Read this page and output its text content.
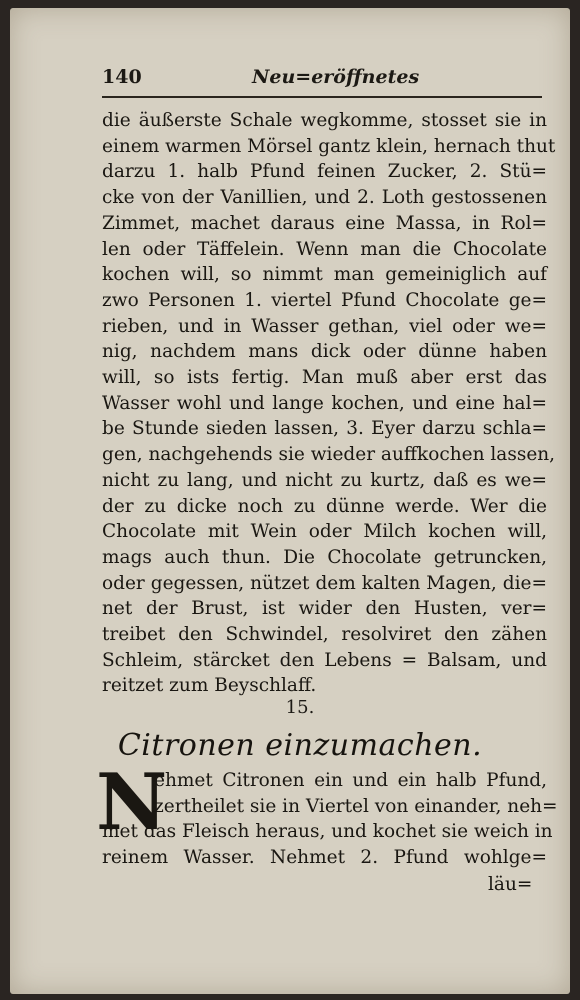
140	Neu=eröffnetes
die äußerste Schale wegkomme, stosset sie in
einem warmen Mörsel gantz klein, hernach thut
darzu 1. halb Pfund feinen Zucker, 2. Stü=
cke von der Vanillien, und 2. Loth gestossenen
Zimmet, machet daraus eine Massa, in Rol=
len oder Täffelein. Wenn man die Chocolate
kochen will, so nimmt man gemeiniglich auf
zwo Personen 1. viertel Pfund Chocolate ge=
rieben, und in Wasser gethan, viel oder we=
nig, nachdem mans dick oder dünne haben
will, so ists fertig. Man muß aber erst das
Wasser wohl und lange kochen, und eine hal=
be Stunde sieden lassen, 3. Eyer darzu schla=
gen, nachgehends sie wieder auffkochen lassen,
nicht zu lang, und nicht zu kurtz, daß es we=
der zu dicke noch zu dünne werde. Wer die
Chocolate mit Wein oder Milch kochen will,
mags auch thun. Die Chocolate getruncken,
oder gegessen, nützet dem kalten Magen, die=
net der Brust, ist wider den Husten, ver=
treibet den Schwindel, resolviret den zähen
Schleim, stärcket den Lebens = Balsam, und
reitzet zum Beyschlaff.
15.
Citronen einzumachen.
N
ehmet Citronen ein und ein halb Pfund,
zertheilet sie in Viertel von einander, neh=
met das Fleisch heraus, und kochet sie weich in
reinem Wasser. Nehmet 2. Pfund wohlge=
läu=
